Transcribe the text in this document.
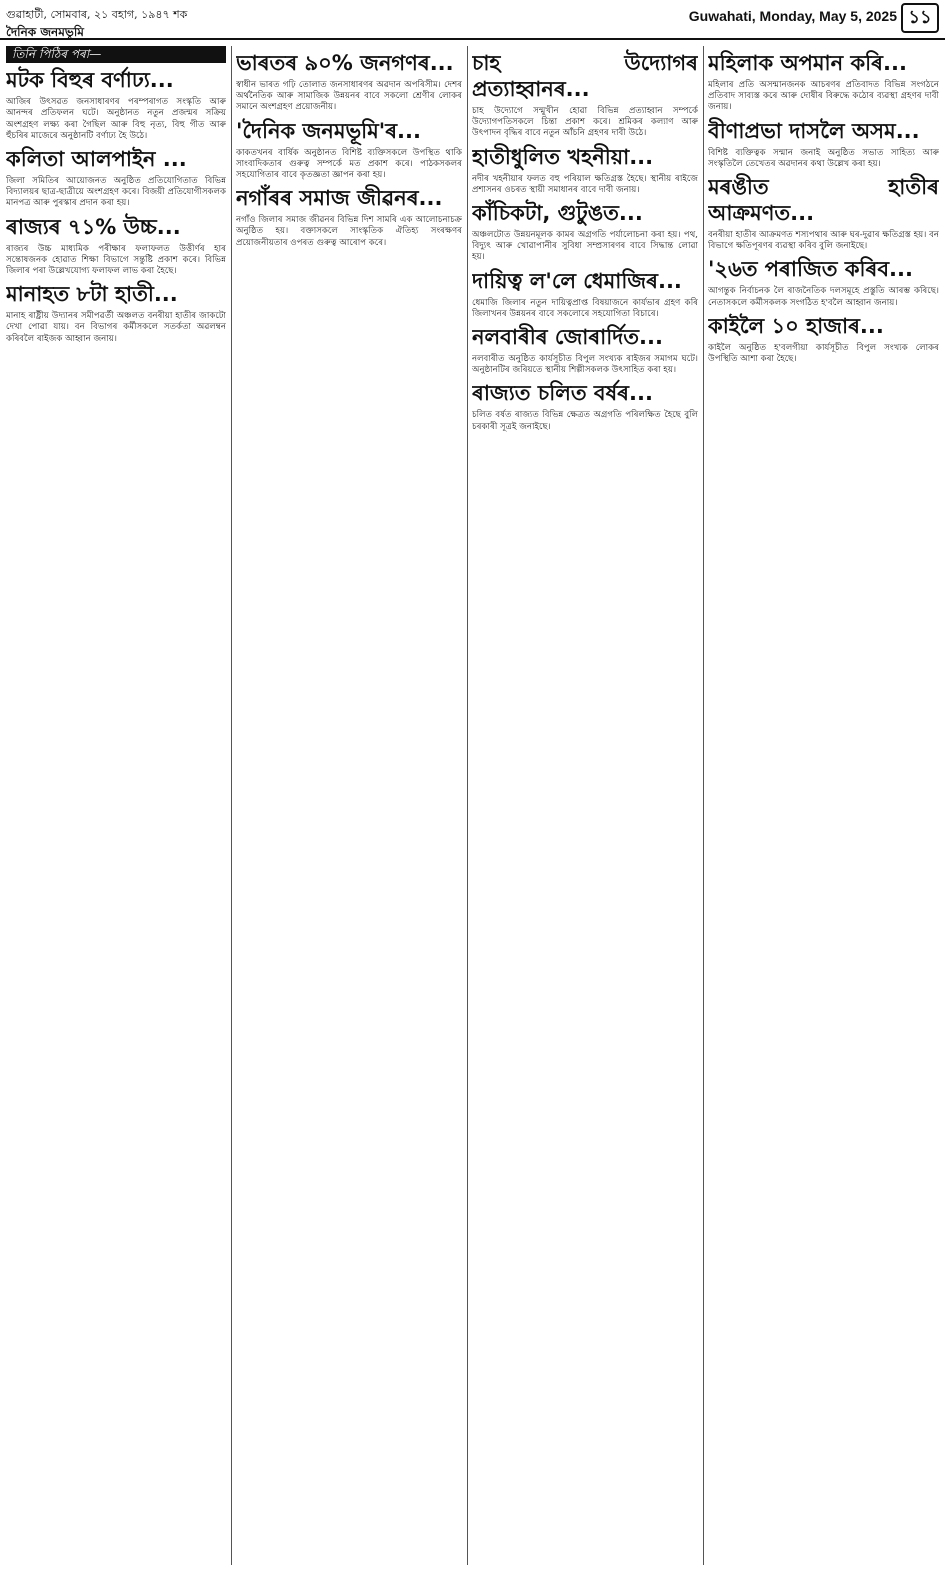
গুৱাহাটী, সোমবাৰ, ২১ বহাগ, ১৯৪৭ শক
দৈনিক জনমভূমি
Guwahati, Monday, May 5, 2025 ১১
তিনি পিঠিৰ পৰা—
মটক বিহুৰ বৰ্ণাঢ্য...
আজিৰ উৎসৱত জনসাধাৰণৰ পৰম্পৰাগত সংস্কৃতি আৰু আনন্দৰ প্ৰতিফলন ঘটে। অনুষ্ঠানত নতুন প্ৰজন্মৰ সক্ৰিয় অংশগ্ৰহণ লক্ষ্য কৰা গৈছিল আৰু বিহু নৃত্য, বিহু গীত আৰু হুঁচৰিৰ মাজেৰে অনুষ্ঠানটি বৰ্ণাঢ্য হৈ উঠে।
কলিতা আলপাইন ...
জিলা সমিতিৰ আয়োজনত অনুষ্ঠিত প্ৰতিযোগিতাত বিভিন্ন বিদ্যালয়ৰ ছাত্ৰ-ছাত্ৰীয়ে অংশগ্ৰহণ কৰে। বিজয়ী প্ৰতিযোগীসকলক মানপত্ৰ আৰু পুৰস্কাৰ প্ৰদান কৰা হয়।
ৰাজ্যৰ ৭১% উচ্চ...
ৰাজ্যৰ উচ্চ মাধ্যমিক পৰীক্ষাৰ ফলাফলত উত্তীৰ্ণৰ হাৰ সন্তোষজনক হোৱাত শিক্ষা বিভাগে সন্তুষ্টি প্ৰকাশ কৰে। বিভিন্ন জিলাৰ পৰা উল্লেখযোগ্য ফলাফল লাভ কৰা হৈছে।
মানাহত ৮টা হাতী...
মানাহ ৰাষ্ট্ৰীয় উদ্যানৰ সমীপৱৰ্তী অঞ্চলত বনৰীয়া হাতীৰ জাকটো দেখা পোৱা যায়। বন বিভাগৰ কৰ্মীসকলে সতৰ্কতা অৱলম্বন কৰিবলৈ ৰাইজক আহ্বান জনায়।
ভাৰতৰ ৯০% জনগণৰ...
স্বাধীন ভাৰত গঢ়ি তোলাত জনসাধাৰণৰ অৱদান অপৰিসীম। দেশৰ অৰ্থনৈতিক আৰু সামাজিক উন্নয়নৰ বাবে সকলো শ্ৰেণীৰ লোকৰ সমানে অংশগ্ৰহণ প্ৰয়োজনীয়।
'দৈনিক জনমভূমি'ৰ...
কাকতখনৰ বাৰ্ষিক অনুষ্ঠানত বিশিষ্ট ব্যক্তিসকলে উপস্থিত থাকি সাংবাদিকতাৰ গুৰুত্ব সম্পৰ্কে মত প্ৰকাশ কৰে। পাঠকসকলৰ সহযোগিতাৰ বাবে কৃতজ্ঞতা জ্ঞাপন কৰা হয়।
নগাঁৰৰ সমাজ জীৱনৰ...
নগাঁও জিলাৰ সমাজ জীৱনৰ বিভিন্ন দিশ সামৰি এক আলোচনাচক্ৰ অনুষ্ঠিত হয়। বক্তাসকলে সাংস্কৃতিক ঐতিহ্য সংৰক্ষণৰ প্ৰয়োজনীয়তাৰ ওপৰত গুৰুত্ব আৰোপ কৰে।
চাহ উদ্যোগৰ প্ৰত্যাহ্বানৰ...
চাহ উদ্যোগে সন্মুখীন হোৱা বিভিন্ন প্ৰত্যাহ্বান সম্পৰ্কে উদ্যোগপতিসকলে চিন্তা প্ৰকাশ কৰে। শ্ৰমিকৰ কল্যাণ আৰু উৎপাদন বৃদ্ধিৰ বাবে নতুন আঁচনি গ্ৰহণৰ দাবী উঠে।
হাতীধুলিত খহনীয়া...
নদীৰ খহনীয়াৰ ফলত বহু পৰিয়াল ক্ষতিগ্ৰস্ত হৈছে। স্থানীয় ৰাইজে প্ৰশাসনৰ ওচৰত স্থায়ী সমাধানৰ বাবে দাবী জনায়।
কাঁচিকটা, গুটুঙত...
অঞ্চলটোত উন্নয়নমূলক কামৰ অগ্ৰগতি পৰ্যালোচনা কৰা হয়। পথ, বিদ্যুৎ আৰু খোৱাপানীৰ সুবিধা সম্প্ৰসাৰণৰ বাবে সিদ্ধান্ত লোৱা হয়।
দায়িত্ব ল'লে ধেমাজিৰ...
ধেমাজি জিলাৰ নতুন দায়িত্বপ্ৰাপ্ত বিষয়াজনে কাৰ্যভাৰ গ্ৰহণ কৰি জিলাখনৰ উন্নয়নৰ বাবে সকলোৰে সহযোগিতা বিচাৰে।
নলবাৰীৰ জোৰাৰ্দিত...
নলবাৰীত অনুষ্ঠিত কাৰ্যসূচীত বিপুল সংখ্যক ৰাইজৰ সমাগম ঘটে। অনুষ্ঠানটিৰ জৰিয়তে স্থানীয় শিল্পীসকলক উৎসাহিত কৰা হয়।
ৰাজ্যত চলিত বৰ্ষৰ...
চলিত বৰ্ষত ৰাজ্যত বিভিন্ন ক্ষেত্ৰত অগ্ৰগতি পৰিলক্ষিত হৈছে বুলি চৰকাৰী সূত্ৰই জনাইছে।
মহিলাক অপমান কৰি...
মহিলাৰ প্ৰতি অসন্মানজনক আচৰণৰ প্ৰতিবাদত বিভিন্ন সংগঠনে প্ৰতিবাদ সাব্যস্ত কৰে আৰু দোষীৰ বিৰুদ্ধে কঠোৰ ব্যৱস্থা গ্ৰহণৰ দাবী জনায়।
বীণাপ্ৰভা দাসলৈ অসম...
বিশিষ্ট ব্যক্তিত্বক সন্মান জনাই অনুষ্ঠিত সভাত সাহিত্য আৰু সংস্কৃতিলৈ তেখেতৰ অৱদানৰ কথা উল্লেখ কৰা হয়।
মৰঙীত হাতীৰ আক্ৰমণত...
বনৰীয়া হাতীৰ আক্ৰমণত শস্যপথাৰ আৰু ঘৰ-দুৱাৰ ক্ষতিগ্ৰস্ত হয়। বন বিভাগে ক্ষতিপূৰণৰ ব্যৱস্থা কৰিব বুলি জনাইছে।
'২৬ত পৰাজিত কৰিব...
আগন্তুক নিৰ্বাচনক লৈ ৰাজনৈতিক দলসমূহে প্ৰস্তুতি আৰম্ভ কৰিছে। নেতাসকলে কৰ্মীসকলক সংগঠিত হ'বলৈ আহ্বান জনায়।
কাইলৈ ১০ হাজাৰ...
কাইলৈ অনুষ্ঠিত হ'বলগীয়া কাৰ্যসূচীত বিপুল সংখ্যক লোকৰ উপস্থিতি আশা কৰা হৈছে।
